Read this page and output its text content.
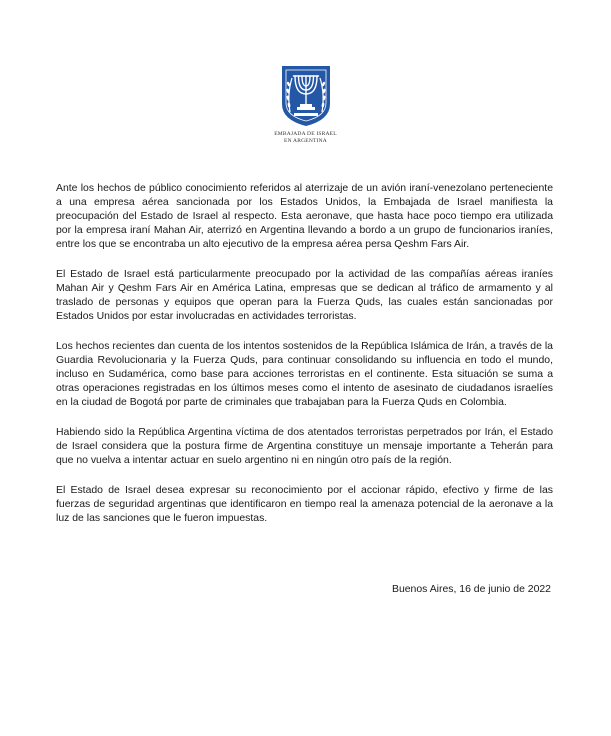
EMBAJADA DE ISRAEL
EN ARGENTINA

Ante los hechos de público conocimiento referidos al aterrizaje de un avión iraní-venezolano perteneciente a una empresa aérea sancionada por los Estados Unidos, la Embajada de Israel manifiesta la preocupación del Estado de Israel al respecto. Esta aeronave, que hasta hace poco tiempo era utilizada por la empresa iraní Mahan Air, aterrizó en Argentina llevando a bordo a un grupo de funcionarios iraníes, entre los que se encontraba un alto ejecutivo de la empresa aérea persa Qeshm Fars Air.

El Estado de Israel está particularmente preocupado por la actividad de las compañías aéreas iraníes Mahan Air y Qeshm Fars Air en América Latina, empresas que se dedican al tráfico de armamento y al traslado de personas y equipos que operan para la Fuerza Quds, las cuales están sancionadas por Estados Unidos por estar involucradas en actividades terroristas.

Los hechos recientes dan cuenta de los intentos sostenidos de la República Islámica de Irán, a través de la Guardia Revolucionaria y la Fuerza Quds, para continuar consolidando su influencia en todo el mundo, incluso en Sudamérica, como base para acciones terroristas en el continente. Esta situación se suma a otras operaciones registradas en los últimos meses como el intento de asesinato de ciudadanos israelíes en la ciudad de Bogotá por parte de criminales que trabajaban para la Fuerza Quds en Colombia.

Habiendo sido la República Argentina víctima de dos atentados terroristas perpetrados por Irán, el Estado de Israel considera que la postura firme de Argentina constituye un mensaje importante a Teherán para que no vuelva a intentar actuar en suelo argentino ni en ningún otro país de la región.

El Estado de Israel desea expresar su reconocimiento por el accionar rápido, efectivo y firme de las fuerzas de seguridad argentinas que identificaron en tiempo real la amenaza potencial de la aeronave a la luz de las sanciones que le fueron impuestas.

Buenos Aires, 16 de junio de 2022
